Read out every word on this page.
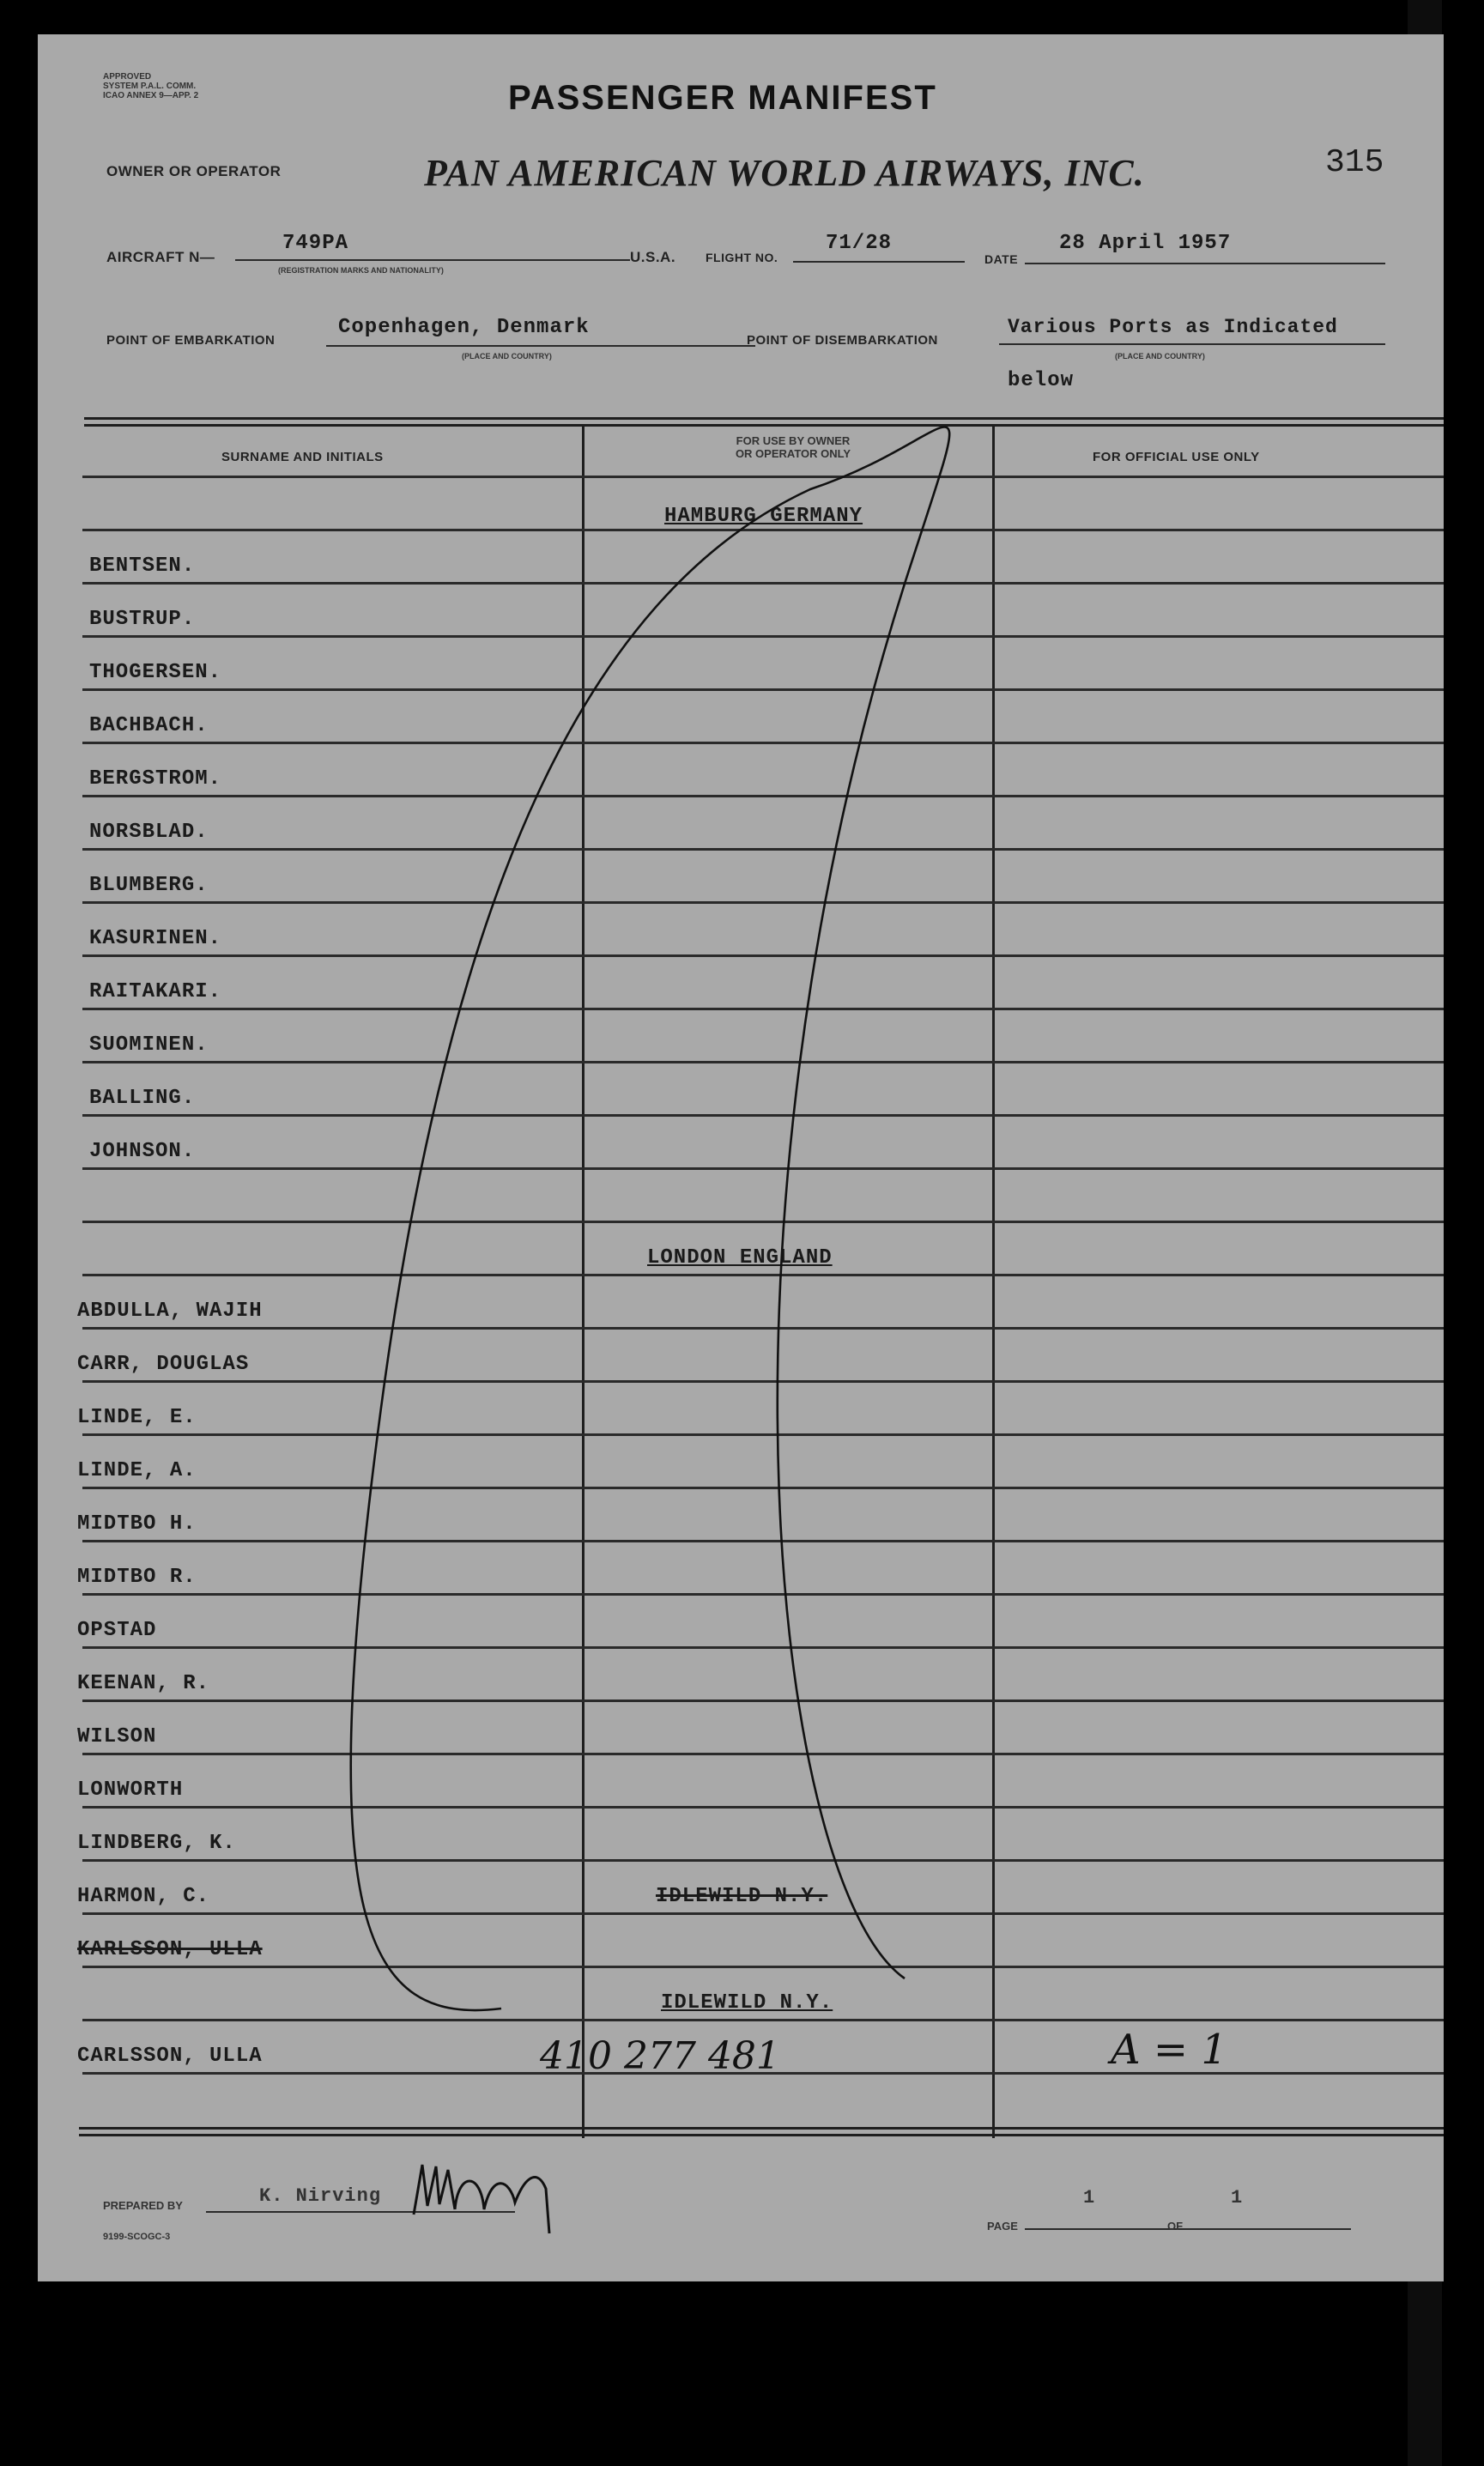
APPROVED
SYSTEM P.A.L. COMM.
ICAO ANNEX 9—APP. 2	PASSENGER MANIFEST
315
OWNER OR OPERATOR	PAN AMERICAN WORLD AIRWAYS, INC.
AIRCRAFT N—
749PA
(REGISTRATION MARKS AND NATIONALITY)
U.S.A. FLIGHT NO.
71/28
DATE
28 April 1957
POINT OF EMBARKATION
Copenhagen, Denmark
(PLACE AND COUNTRY)
POINT OF DISEMBARKATION
Various Ports as Indicated
(PLACE AND COUNTRY)
below
SURNAME AND INITIALS
FOR USE BY OWNER
OR OPERATOR ONLY	FOR OFFICIAL USE ONLY
HAMBURG GERMANY
BENTSEN.
BUSTRUP.
THOGERSEN.
BACHBACH.
BERGSTROM.
NORSBLAD.
BLUMBERG.
KASURINEN.
RAITAKARI.
SUOMINEN.
BALLING.
JOHNSON.
LONDON ENGLAND
ABDULLA, WAJIH
CARR, DOUGLAS
LINDE, E.
LINDE, A.
MIDTBO H.
MIDTBO R.
OPSTAD
KEENAN, R.
WILSON
LONWORTH
LINDBERG, K.
HARMON, C.	IDLEWILD N.Y.
KARLSSON, ULLA
IDLEWILD N.Y.
CARLSSON, ULLA	410 277 481	A = 1
PREPARED BY	K. Nirving
9199-SCOGC-3
PAGE
1
OF
1
